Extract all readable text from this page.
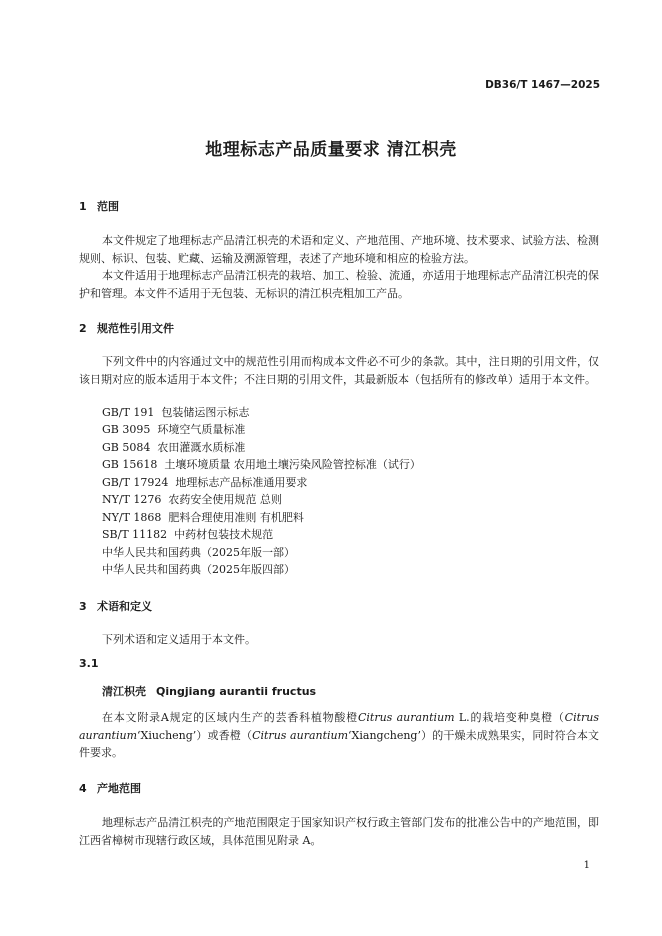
DB36/T 1467—2025
地理标志产品质量要求 清江枳壳
1 范围
本文件规定了地理标志产品清江枳壳的术语和定义、产地范围、产地环境、技术要求、试验方法、检测规则、标识、包装、贮藏、运输及溯源管理，表述了产地环境和相应的检验方法。
本文件适用于地理标志产品清江枳壳的栽培、加工、检验、流通，亦适用于地理标志产品清江枳壳的保护和管理。本文件不适用于无包装、无标识的清江枳壳粗加工产品。
2 规范性引用文件
下列文件中的内容通过文中的规范性引用而构成本文件必不可少的条款。其中，注日期的引用文件，仅该日期对应的版本适用于本文件；不注日期的引用文件，其最新版本（包括所有的修改单）适用于本文件。
GB/T 191  包装储运图示标志
GB 3095  环境空气质量标准
GB 5084  农田灌溉水质标准
GB 15618  土壤环境质量 农用地土壤污染风险管控标准（试行）
GB/T 17924  地理标志产品标准通用要求
NY/T 1276  农药安全使用规范 总则
NY/T 1868  肥料合理使用准则 有机肥料
SB/T 11182  中药材包装技术规范
中华人民共和国药典（2025年版一部）
中华人民共和国药典（2025年版四部）
3 术语和定义
下列术语和定义适用于本文件。
3.1
清江枳壳 Qingjiang aurantii fructus
在本文附录A规定的区域内生产的芸香科植物酸橙Citrus aurantium L.的栽培变种臭橙（Citrus aurantium‘Xiucheng’）或香橙（Citrus aurantium‘Xiangcheng’）的干燥未成熟果实，同时符合本文件要求。
4 产地范围
地理标志产品清江枳壳的产地范围限定于国家知识产权行政主管部门发布的批准公告中的产地范围，即江西省樟树市现辖行政区域，具体范围见附录 A。
1
